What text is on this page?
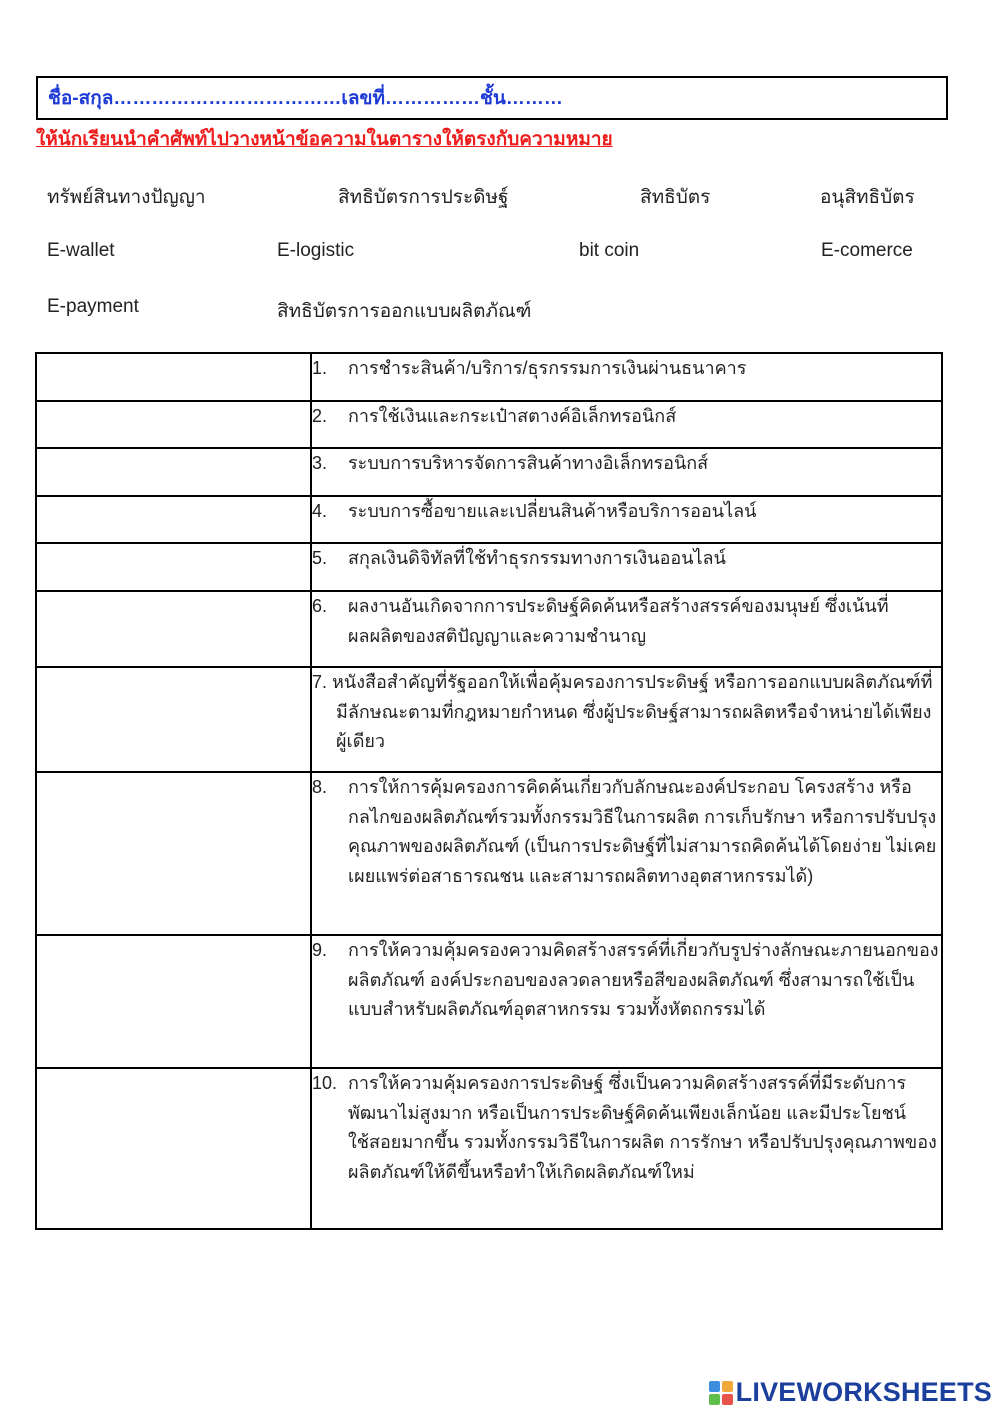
ชื่อ-สกุล………………………………เลขที่……………ชั้น………
ให้นักเรียนนำคำศัพท์ไปวางหน้าข้อความในตารางให้ตรงกับความหมาย
ทรัพย์สินทางปัญญา	สิทธิบัตรการประดิษฐ์	สิทธิบัตร	อนุสิทธิบัตร
E-wallet	E-logistic	bit coin	E-comerce
E-payment	สิทธิบัตรการออกแบบผลิตภัณฑ์

	1. การชำระสินค้า/บริการ/ธุรกรรมการเงินผ่านธนาคาร

	2. การใช้เงินและกระเป๋าสตางค์อิเล็กทรอนิกส์

	3. ระบบการบริหารจัดการสินค้าทางอิเล็กทรอนิกส์

	4. ระบบการซื้อขายและเปลี่ยนสินค้าหรือบริการออนไลน์

	5. สกุลเงินดิจิทัลที่ใช้ทำธุรกรรมทางการเงินออนไลน์

	6. ผลงานอันเกิดจากการประดิษฐ์คิดค้นหรือสร้างสรรค์ของมนุษย์ ซึ่งเน้นที่ผลผลิตของสติปัญญาและความชำนาญ

	7. หนังสือสำคัญที่รัฐออกให้เพื่อคุ้มครองการประดิษฐ์ หรือการออกแบบผลิตภัณฑ์ที่มีลักษณะตามที่กฎหมายกำหนด ซึ่งผู้ประดิษฐ์สามารถผลิตหรือจำหน่ายได้เพียงผู้เดียว

	8. การให้การคุ้มครองการคิดค้นเกี่ยวกับลักษณะองค์ประกอบ โครงสร้าง หรือกลไกของผลิตภัณฑ์รวมทั้งกรรมวิธีในการผลิต การเก็บรักษา หรือการปรับปรุงคุณภาพของผลิตภัณฑ์ (เป็นการประดิษฐ์ที่ไม่สามารถคิดค้นได้โดยง่าย ไม่เคยเผยแพร่ต่อสาธารณชน และสามารถผลิตทางอุตสาหกรรมได้)

	9. การให้ความคุ้มครองความคิดสร้างสรรค์ที่เกี่ยวกับรูปร่างลักษณะภายนอกของผลิตภัณฑ์ องค์ประกอบของลวดลายหรือสีของผลิตภัณฑ์ ซึ่งสามารถใช้เป็นแบบสำหรับผลิตภัณฑ์อุตสาหกรรม รวมทั้งหัตถกรรมได้

	10. การให้ความคุ้มครองการประดิษฐ์ ซึ่งเป็นความคิดสร้างสรรค์ที่มีระดับการพัฒนาไม่สูงมาก หรือเป็นการประดิษฐ์คิดค้นเพียงเล็กน้อย และมีประโยชน์ใช้สอยมากขึ้น รวมทั้งกรรมวิธีในการผลิต การรักษา หรือปรับปรุงคุณภาพของผลิตภัณฑ์ให้ดีขึ้นหรือทำให้เกิดผลิตภัณฑ์ใหม่
LIVEWORKSHEETS
